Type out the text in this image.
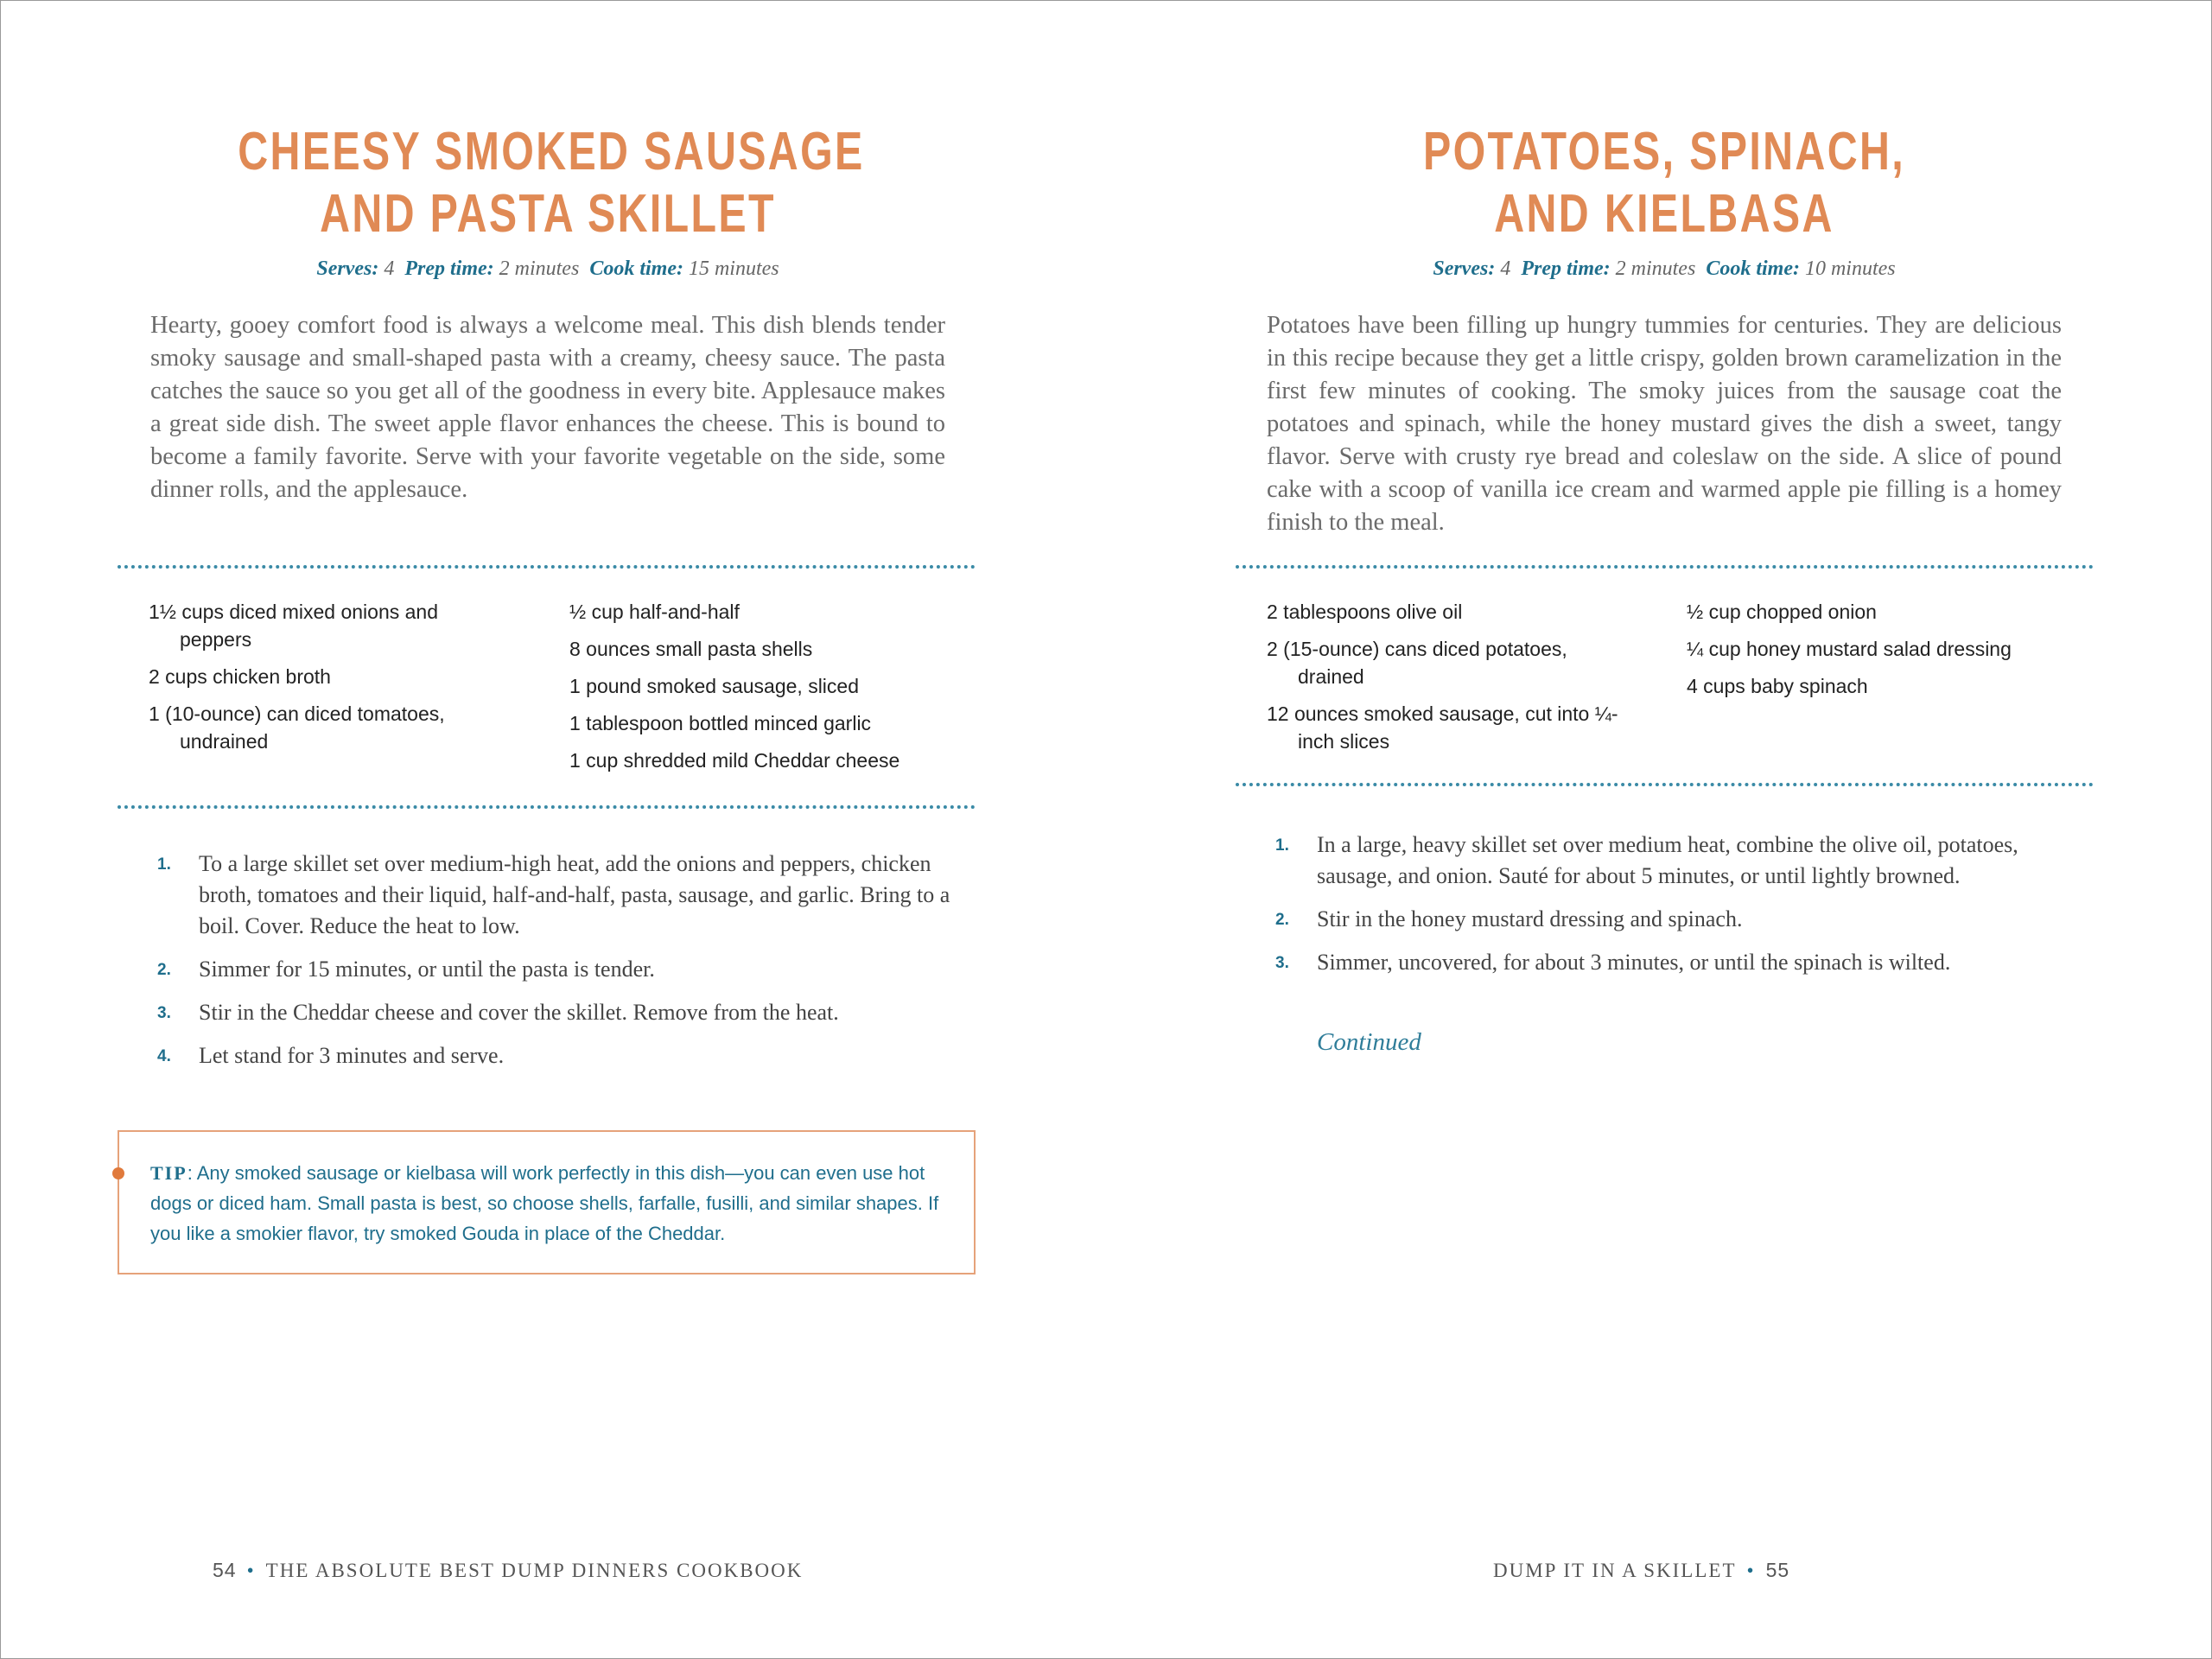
CHEESY SMOKED SAUSAGE
AND PASTA SKILLET
Serves: 4 Prep time: 2 minutes Cook time: 15 minutes
Hearty, gooey comfort food is always a welcome meal. This dish blends tender smoky sausage and small-shaped pasta with a creamy, cheesy sauce. The pasta catches the sauce so you get all of the goodness in every bite. Applesauce makes a great side dish. The sweet apple flavor enhances the cheese. This is bound to become a family favorite. Serve with your favorite vegetable on the side, some dinner rolls, and the applesauce.
1½ cups diced mixed onions and peppers
2 cups chicken broth
1 (10-ounce) can diced tomatoes, undrained
½ cup half-and-half
8 ounces small pasta shells
1 pound smoked sausage, sliced
1 tablespoon bottled minced garlic
1 cup shredded mild Cheddar cheese
1. To a large skillet set over medium-high heat, add the onions and peppers, chicken broth, tomatoes and their liquid, half-and-half, pasta, sausage, and garlic. Bring to a boil. Cover. Reduce the heat to low.
2. Simmer for 15 minutes, or until the pasta is tender.
3. Stir in the Cheddar cheese and cover the skillet. Remove from the heat.
4. Let stand for 3 minutes and serve.
TIP: Any smoked sausage or kielbasa will work perfectly in this dish—you can even use hot dogs or diced ham. Small pasta is best, so choose shells, farfalle, fusilli, and similar shapes. If you like a smokier flavor, try smoked Gouda in place of the Cheddar.
54 • THE ABSOLUTE BEST DUMP DINNERS COOKBOOK
POTATOES, SPINACH,
AND KIELBASA
Serves: 4 Prep time: 2 minutes Cook time: 10 minutes
Potatoes have been filling up hungry tummies for centuries. They are delicious in this recipe because they get a little crispy, golden brown caramelization in the first few minutes of cooking. The smoky juices from the sausage coat the potatoes and spinach, while the honey mustard gives the dish a sweet, tangy flavor. Serve with crusty rye bread and coleslaw on the side. A slice of pound cake with a scoop of vanilla ice cream and warmed apple pie filling is a homey finish to the meal.
2 tablespoons olive oil
2 (15-ounce) cans diced potatoes, drained
12 ounces smoked sausage, cut into ¼-inch slices
½ cup chopped onion
¼ cup honey mustard salad dressing
4 cups baby spinach
1. In a large, heavy skillet set over medium heat, combine the olive oil, potatoes, sausage, and onion. Sauté for about 5 minutes, or until lightly browned.
2. Stir in the honey mustard dressing and spinach.
3. Simmer, uncovered, for about 3 minutes, or until the spinach is wilted.
Continued
DUMP IT IN A SKILLET • 55
